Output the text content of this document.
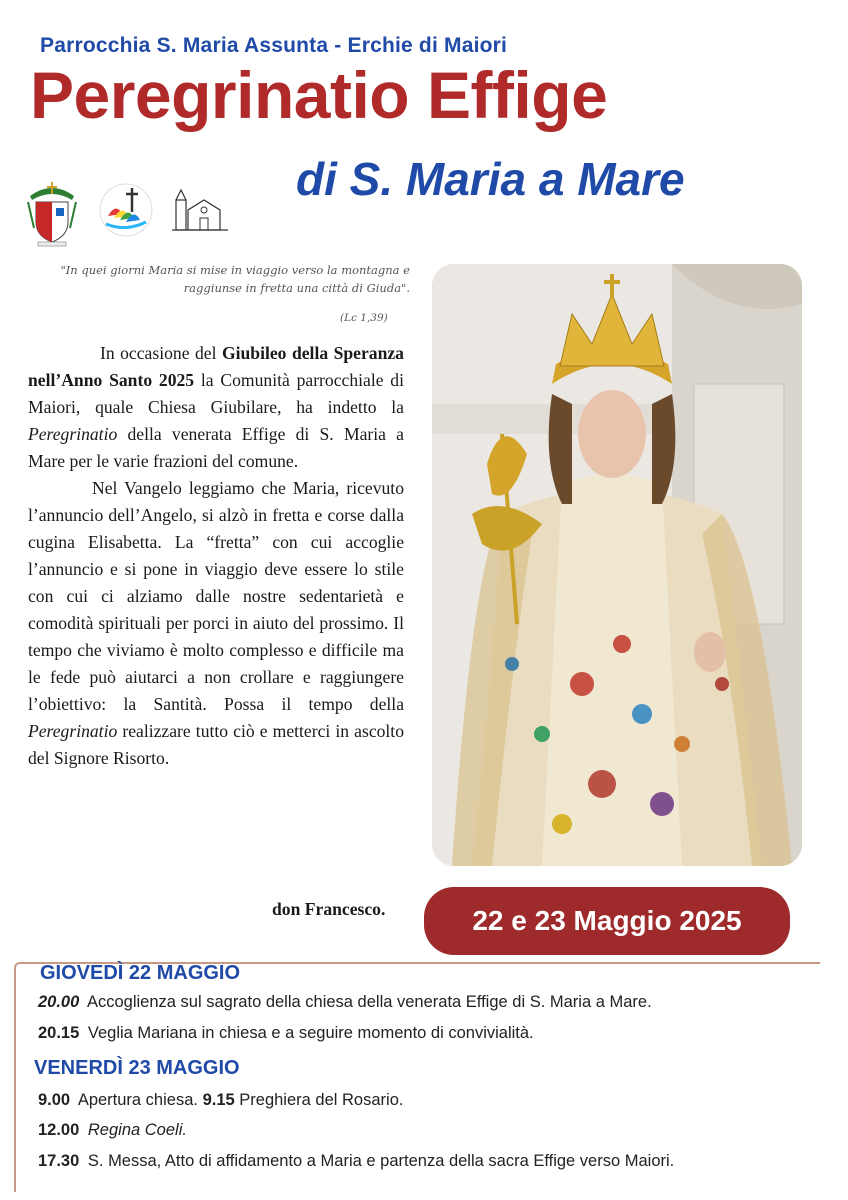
Parrocchia S. Maria Assunta - Erchie di Maiori
Peregrinatio Effige
di S. Maria a Mare
"In quei giorni Maria si mise in viaggio verso la montagna e raggiunse in fretta una città di Giuda".
(Lc 1,39)

In occasione del Giubileo della Speranza nell’Anno Santo 2025 la Comunità parrocchiale di Maiori, quale Chiesa Giubilare, ha indetto la Peregrinatio della venerata Effige di S. Maria a Mare per le varie frazioni del comune.

Nel Vangelo leggiamo che Maria, ricevuto l’annuncio dell’Angelo, si alzò in fretta e corse dalla cugina Elisabetta. La “fretta” con cui accoglie l’annuncio e si pone in viaggio deve essere lo stile con cui ci alziamo dalle nostre sedentarietà e comodità spirituali per porci in aiuto del prossimo. Il tempo che viviamo è molto complesso e difficile ma le fede può aiutarci a non crollare e raggiungere l’obiettivo: la Santità. Possa il tempo della Peregrinatio realizzare tutto ciò e metterci in ascolto del Signore Risorto.

don Francesco.	22 e 23 Maggio 2025
GIOVEDÌ 22 MAGGIO
20.00 Accoglienza sul sagrato della chiesa della venerata Effige di S. Maria a Mare.
20.15 Veglia Mariana in chiesa e a seguire momento di convivialità.
VENERDÌ 23 MAGGIO
9.00 Apertura chiesa. 9.15 Preghiera del Rosario.
12.00 Regina Coeli.
17.30 S. Messa, Atto di affidamento a Maria e partenza della sacra Effige verso Maiori.
